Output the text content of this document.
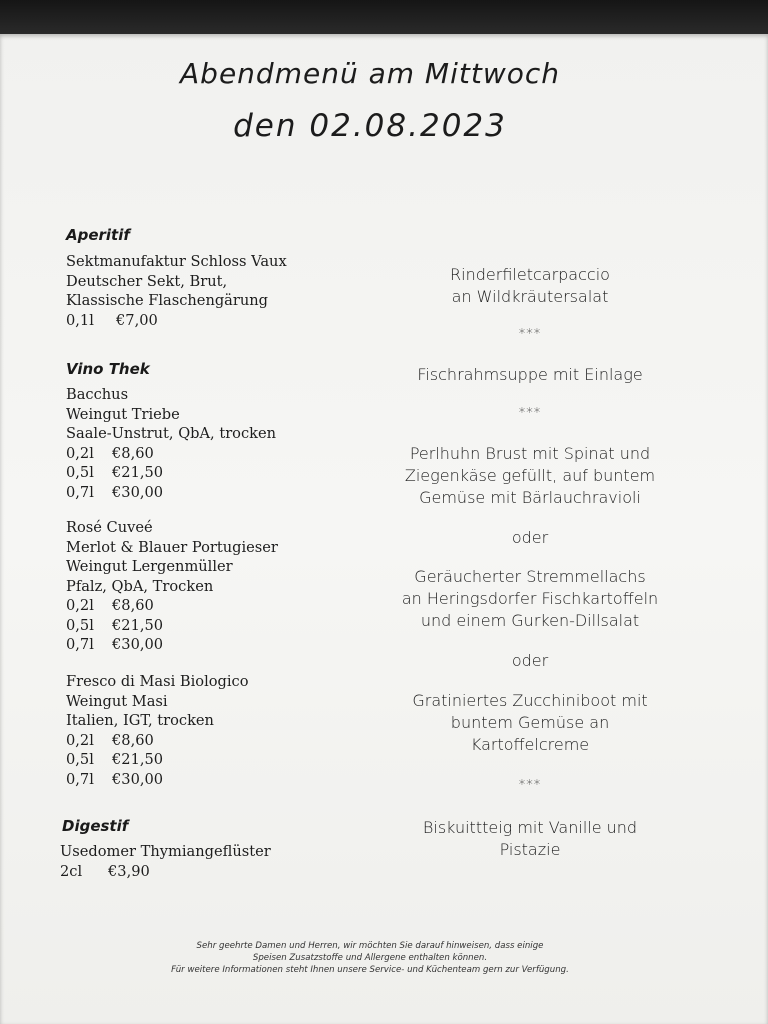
Abendmenü am Mittwoch
den 02.08.2023
Aperitif
Sektmanufaktur Schloss Vaux
Deutscher Sekt, Brut,
Klassische Flaschengärung
0,1l €7,00
Vino Thek
Bacchus
Weingut Triebe
Saale-Unstrut, QbA, trocken
0,2l €8,60
0,5l €21,50
0,7l €30,00
Rosé Cuveé
Merlot & Blauer Portugieser
Weingut Lergenmüller
Pfalz, QbA, Trocken
0,2l €8,60
0,5l €21,50
0,7l €30,00
Fresco di Masi Biologico
Weingut Masi
Italien, IGT, trocken
0,2l €8,60
0,5l €21,50
0,7l €30,00
Digestif
Usedomer Thymiangeflüster
2cl €3,90
Rinderfiletcarpaccio
an Wildkräutersalat
***
Fischrahmsuppe mit Einlage
***
Perlhuhn Brust mit Spinat und
Ziegenkäse gefüllt, auf buntem
Gemüse mit Bärlauchravioli
oder
Geräucherter Stremmellachs
an Heringsdorfer Fischkartoffeln
und einem Gurken-Dillsalat
oder
Gratiniertes Zucchiniboot mit
buntem Gemüse an
Kartoffelcreme
***
Biskuittteig mit Vanille und
Pistazie
Sehr geehrte Damen und Herren, wir möchten Sie darauf hinweisen, dass einige
Speisen Zusatzstoffe und Allergene enthalten können.
Für weitere Informationen steht Ihnen unsere Service- und Küchenteam gern zur Verfügung.
